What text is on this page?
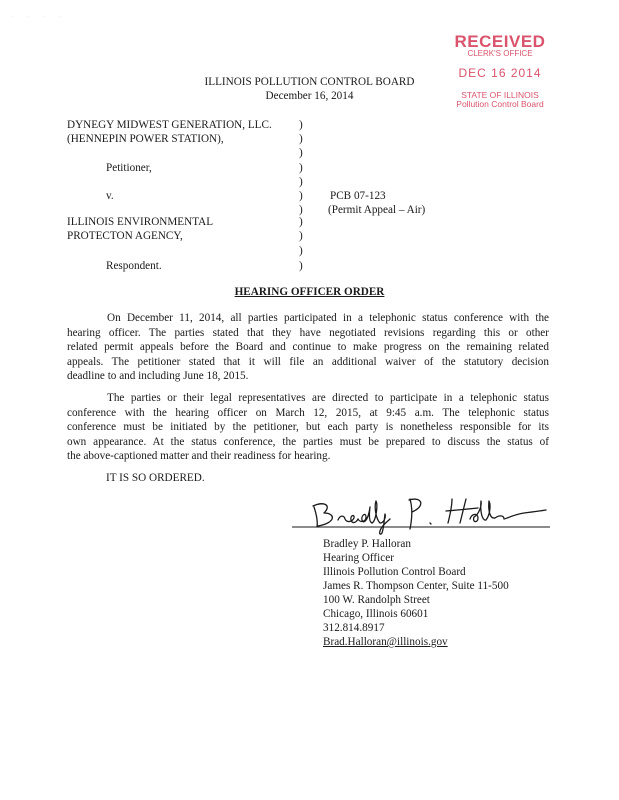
· · · ·
RECEIVED
CLERK'S OFFICE
DEC 16 2014
STATE OF ILLINOIS
Pollution Control Board
ILLINOIS POLLUTION CONTROL BOARD
December 16, 2014
DYNEGY MIDWEST GENERATION, LLC.
(HENNEPIN POWER STATION),
Petitioner,
v.
ILLINOIS ENVIRONMENTAL
PROTECTON AGENCY,
Respondent.
)
)
)
)
)
)
)
)
)
)
)
PCB 07-123
(Permit Appeal – Air)
HEARING OFFICER ORDER
On December 11, 2014, all parties participated in a telephonic status conference with the
hearing officer. The parties stated that they have negotiated revisions regarding this or other
related permit appeals before the Board and continue to make progress on the remaining related
appeals. The petitioner stated that it will file an additional waiver of the statutory decision
deadline to and including June 18, 2015.
The parties or their legal representatives are directed to participate in a telephonic status
conference with the hearing officer on March 12, 2015, at 9:45 a.m. The telephonic status
conference must be initiated by the petitioner, but each party is nonetheless responsible for its
own appearance. At the status conference, the parties must be prepared to discuss the status of
the above-captioned matter and their readiness for hearing.
IT IS SO ORDERED.
Bradley P. Halloran
Hearing Officer
Illinois Pollution Control Board
James R. Thompson Center, Suite 11-500
100 W. Randolph Street
Chicago, Illinois 60601
312.814.8917
Brad.Halloran@illinois.gov
